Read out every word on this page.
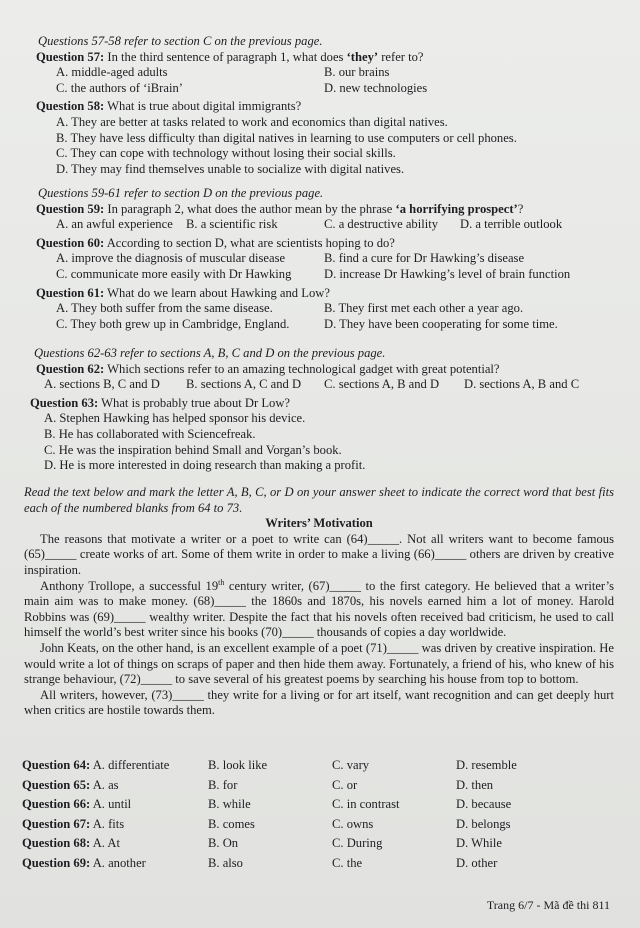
Questions 57-58 refer to section C on the previous page.
Question 57: In the third sentence of paragraph 1, what does ‘they’ refer to?
A. middle-aged adults	B. our brains
C. the authors of ‘iBrain’	D. new technologies
Question 58: What is true about digital immigrants?
A. They are better at tasks related to work and economics than digital natives.
B. They have less difficulty than digital natives in learning to use computers or cell phones.
C. They can cope with technology without losing their social skills.
D. They may find themselves unable to socialize with digital natives.
Questions 59-61 refer to section D on the previous page.
Question 59: In paragraph 2, what does the author mean by the phrase ‘a horrifying prospect’?
A. an awful experience	B. a scientific risk	C. a destructive ability	D. a terrible outlook
Question 60: According to section D, what are scientists hoping to do?
A. improve the diagnosis of muscular disease	B. find a cure for Dr Hawking’s disease
C. communicate more easily with Dr Hawking	D. increase Dr Hawking’s level of brain function
Question 61: What do we learn about Hawking and Low?
A. They both suffer from the same disease.	B. They first met each other a year ago.
C. They both grew up in Cambridge, England.	D. They have been cooperating for some time.
Questions 62-63 refer to sections A, B, C and D on the previous page.
Question 62: Which sections refer to an amazing technological gadget with great potential?
A. sections B, C and D	B. sections A, C and D	C. sections A, B and D	D. sections A, B and C
Question 63: What is probably true about Dr Low?
A. Stephen Hawking has helped sponsor his device.
B. He has collaborated with Sciencefreak.
C. He was the inspiration behind Small and Vorgan’s book.
D. He is more interested in doing research than making a profit.
Read the text below and mark the letter A, B, C, or D on your answer sheet to indicate the correct word that best fits each of the numbered blanks from 64 to 73.
Writers’ Motivation
The reasons that motivate a writer or a poet to write can (64)_____. Not all writers want to become famous (65)_____ create works of art. Some of them write in order to make a living (66)_____ others are driven by creative inspiration.
Anthony Trollope, a successful 19th century writer, (67)_____ to the first category. He believed that a writer’s main aim was to make money. (68)_____ the 1860s and 1870s, his novels earned him a lot of money. Harold Robbins was (69)_____ wealthy writer. Despite the fact that his novels often received bad criticism, he used to call himself the world’s best writer since his books (70)_____ thousands of copies a day worldwide.
John Keats, on the other hand, is an excellent example of a poet (71)_____ was driven by creative inspiration. He would write a lot of things on scraps of paper and then hide them away. Fortunately, a friend of his, who knew of his strange behaviour, (72)_____ to save several of his greatest poems by searching his house from top to bottom.
All writers, however, (73)_____ they write for a living or for art itself, want recognition and can get deeply hurt when critics are hostile towards them.
Question 64: A. differentiate	B. look like	C. vary	D. resemble
Question 65: A. as	B. for	C. or	D. then
Question 66: A. until	B. while	C. in contrast	D. because
Question 67: A. fits	B. comes	C. owns	D. belongs
Question 68: A. At	B. On	C. During	D. While
Question 69: A. another	B. also	C. the	D. other
Trang 6/7 - Mã đề thi 811
